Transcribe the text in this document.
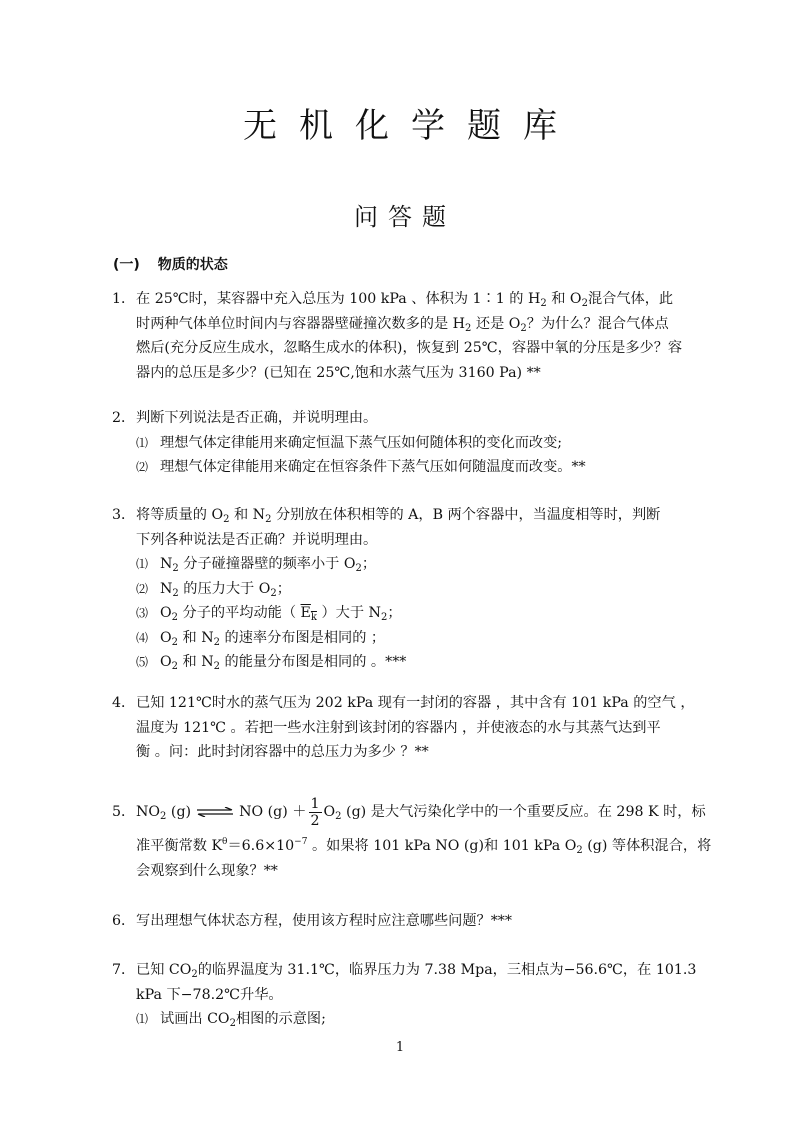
无机化学题库
问答题
(一) 物质的状态
1．在 25℃时，某容器中充入总压为 100 kPa 、体积为 1∶1 的 $H_2$ 和 $O_2$混合气体，此
时两种气体单位时间内与容器器壁碰撞次数多的是 $H_2$ 还是 $O_2$？为什么？混合气体点
燃后(充分反应生成水，忽略生成水的体积)，恢复到 25℃，容器中氧的分压是多少？容
器内的总压是多少？(已知在 25℃,饱和水蒸气压为 3160 Pa) **
2．判断下列说法是否正确，并说明理由。
⑴ 理想气体定律能用来确定恒温下蒸气压如何随体积的变化而改变;
⑵ 理想气体定律能用来确定在恒容条件下蒸气压如何随温度而改变。**
3．将等质量的 $O_2$ 和 $N_2$ 分别放在体积相等的 A，B 两个容器中，当温度相等时，判断
下列各种说法是否正确？并说明理由。
⑴ $N_2$ 分子碰撞器壁的频率小于 $O_2$；
⑵ $N_2$ 的压力大于 $O_2$；
⑶ $O_2$ 分子的平均动能（ $E_k$ ）大于 $N_2$；
⑷ $O_2$ 和 $N_2$ 的速率分布图是相同的 ；
⑸ $O_2$ 和 $N_2$ 的能量分布图是相同的 。***
4．已知 121℃时水的蒸气压为 202 kPa 现有一封闭的容器 ，其中含有 101 kPa 的空气 ，
温度为 121℃ 。若把一些水注射到该封闭的容器内 ，并使液态的水与其蒸气达到平
衡 。问：此时封闭容器中的总压力为多少 ？**
5．$NO_2$ (g) ⇌ NO $(g) + \frac{1}{2} O_2$ (g) 是大气污染化学中的一个重要反应。在 298 K 时，标
准平衡常数 $K^\theta=6.6\times 10^{-7}$ 。如果将 101 kPa NO (g)和 101 kPa $O_2$ (g) 等体积混合，将
会观察到什么现象？**
6．写出理想气体状态方程，使用该方程时应注意哪些问题？***
7．已知 $CO_2$的临界温度为 31.1℃，临界压力为 7.38 Mpa，三相点为−56.6℃，在 101.3
kPa 下−78.2℃升华。
⑴ 试画出 $CO_2$相图的示意图;
1
